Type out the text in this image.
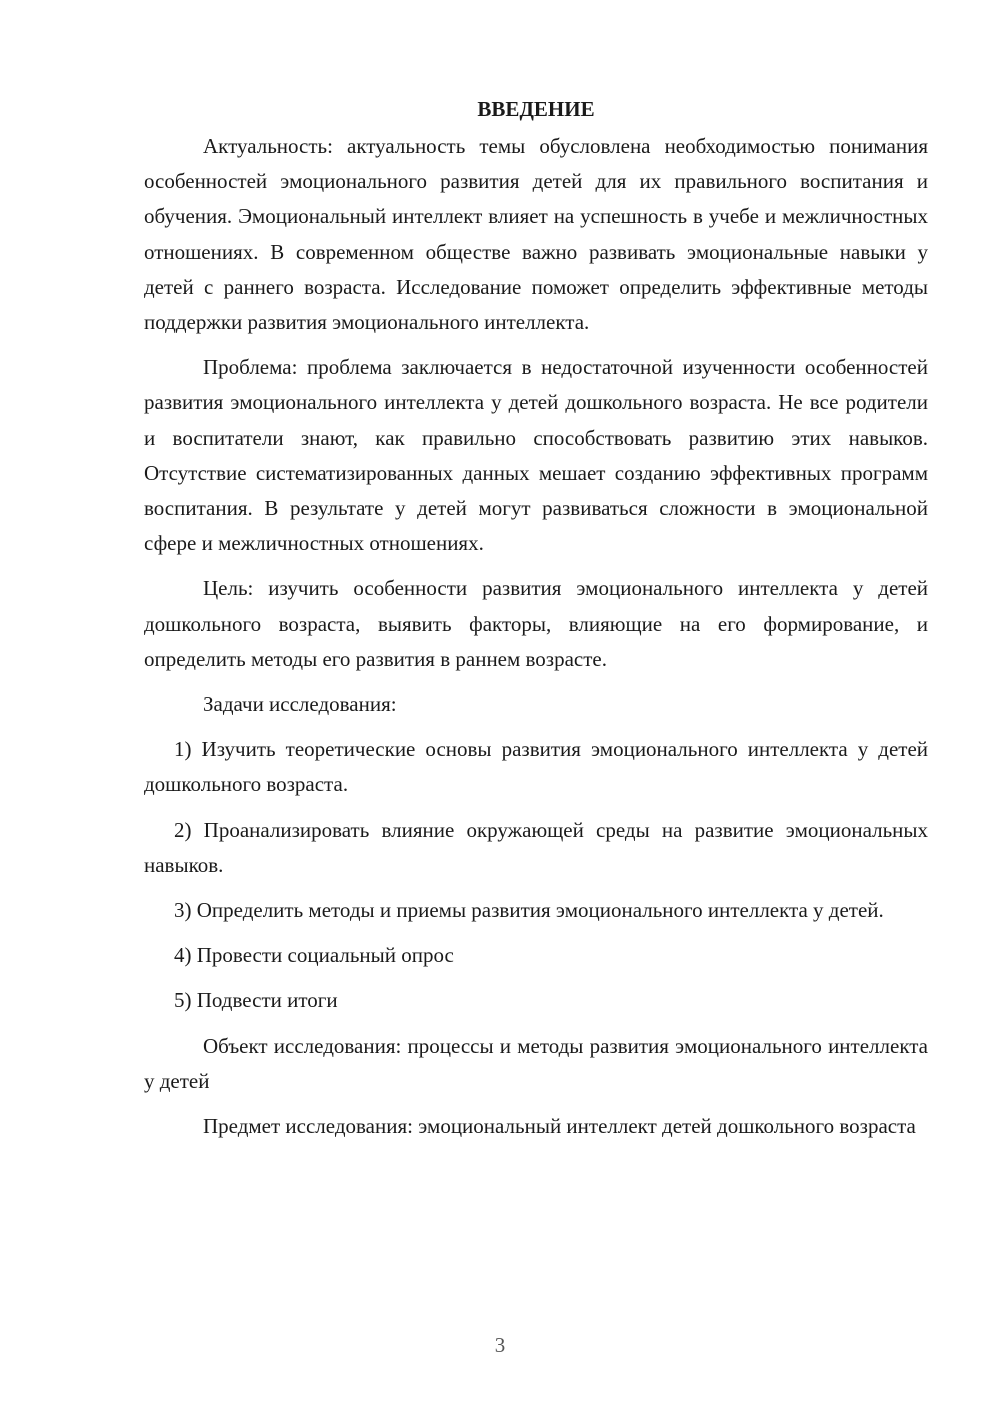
ВВЕДЕНИЕ

Актуальность: актуальность темы обусловлена необходимостью понимания особенностей эмоционального развития детей для их правильного воспитания и обучения. Эмоциональный интеллект влияет на успешность в учебе и межличностных отношениях. В современном обществе важно развивать эмоциональные навыки у детей с раннего возраста. Исследование поможет определить эффективные методы поддержки развития эмоционального интеллекта.

Проблема: проблема заключается в недостаточной изученности особенностей развития эмоционального интеллекта у детей дошкольного возраста. Не все родители и воспитатели знают, как правильно способствовать развитию этих навыков. Отсутствие систематизированных данных мешает созданию эффективных программ воспитания. В результате у детей могут развиваться сложности в эмоциональной сфере и межличностных отношениях.

Цель: изучить особенности развития эмоционального интеллекта у детей дошкольного возраста, выявить факторы, влияющие на его формирование, и определить методы его развития в раннем возрасте.

Задачи исследования:

1) Изучить теоретические основы развития эмоционального интеллекта у детей дошкольного возраста.

2) Проанализировать влияние окружающей среды на развитие эмоциональных навыков.

3) Определить методы и приемы развития эмоционального интеллекта у детей.

4) Провести социальный опрос

5) Подвести итоги

Объект исследования: процессы и методы развития эмоционального интеллекта у детей

Предмет исследования: эмоциональный интеллект детей дошкольного возраста

3
